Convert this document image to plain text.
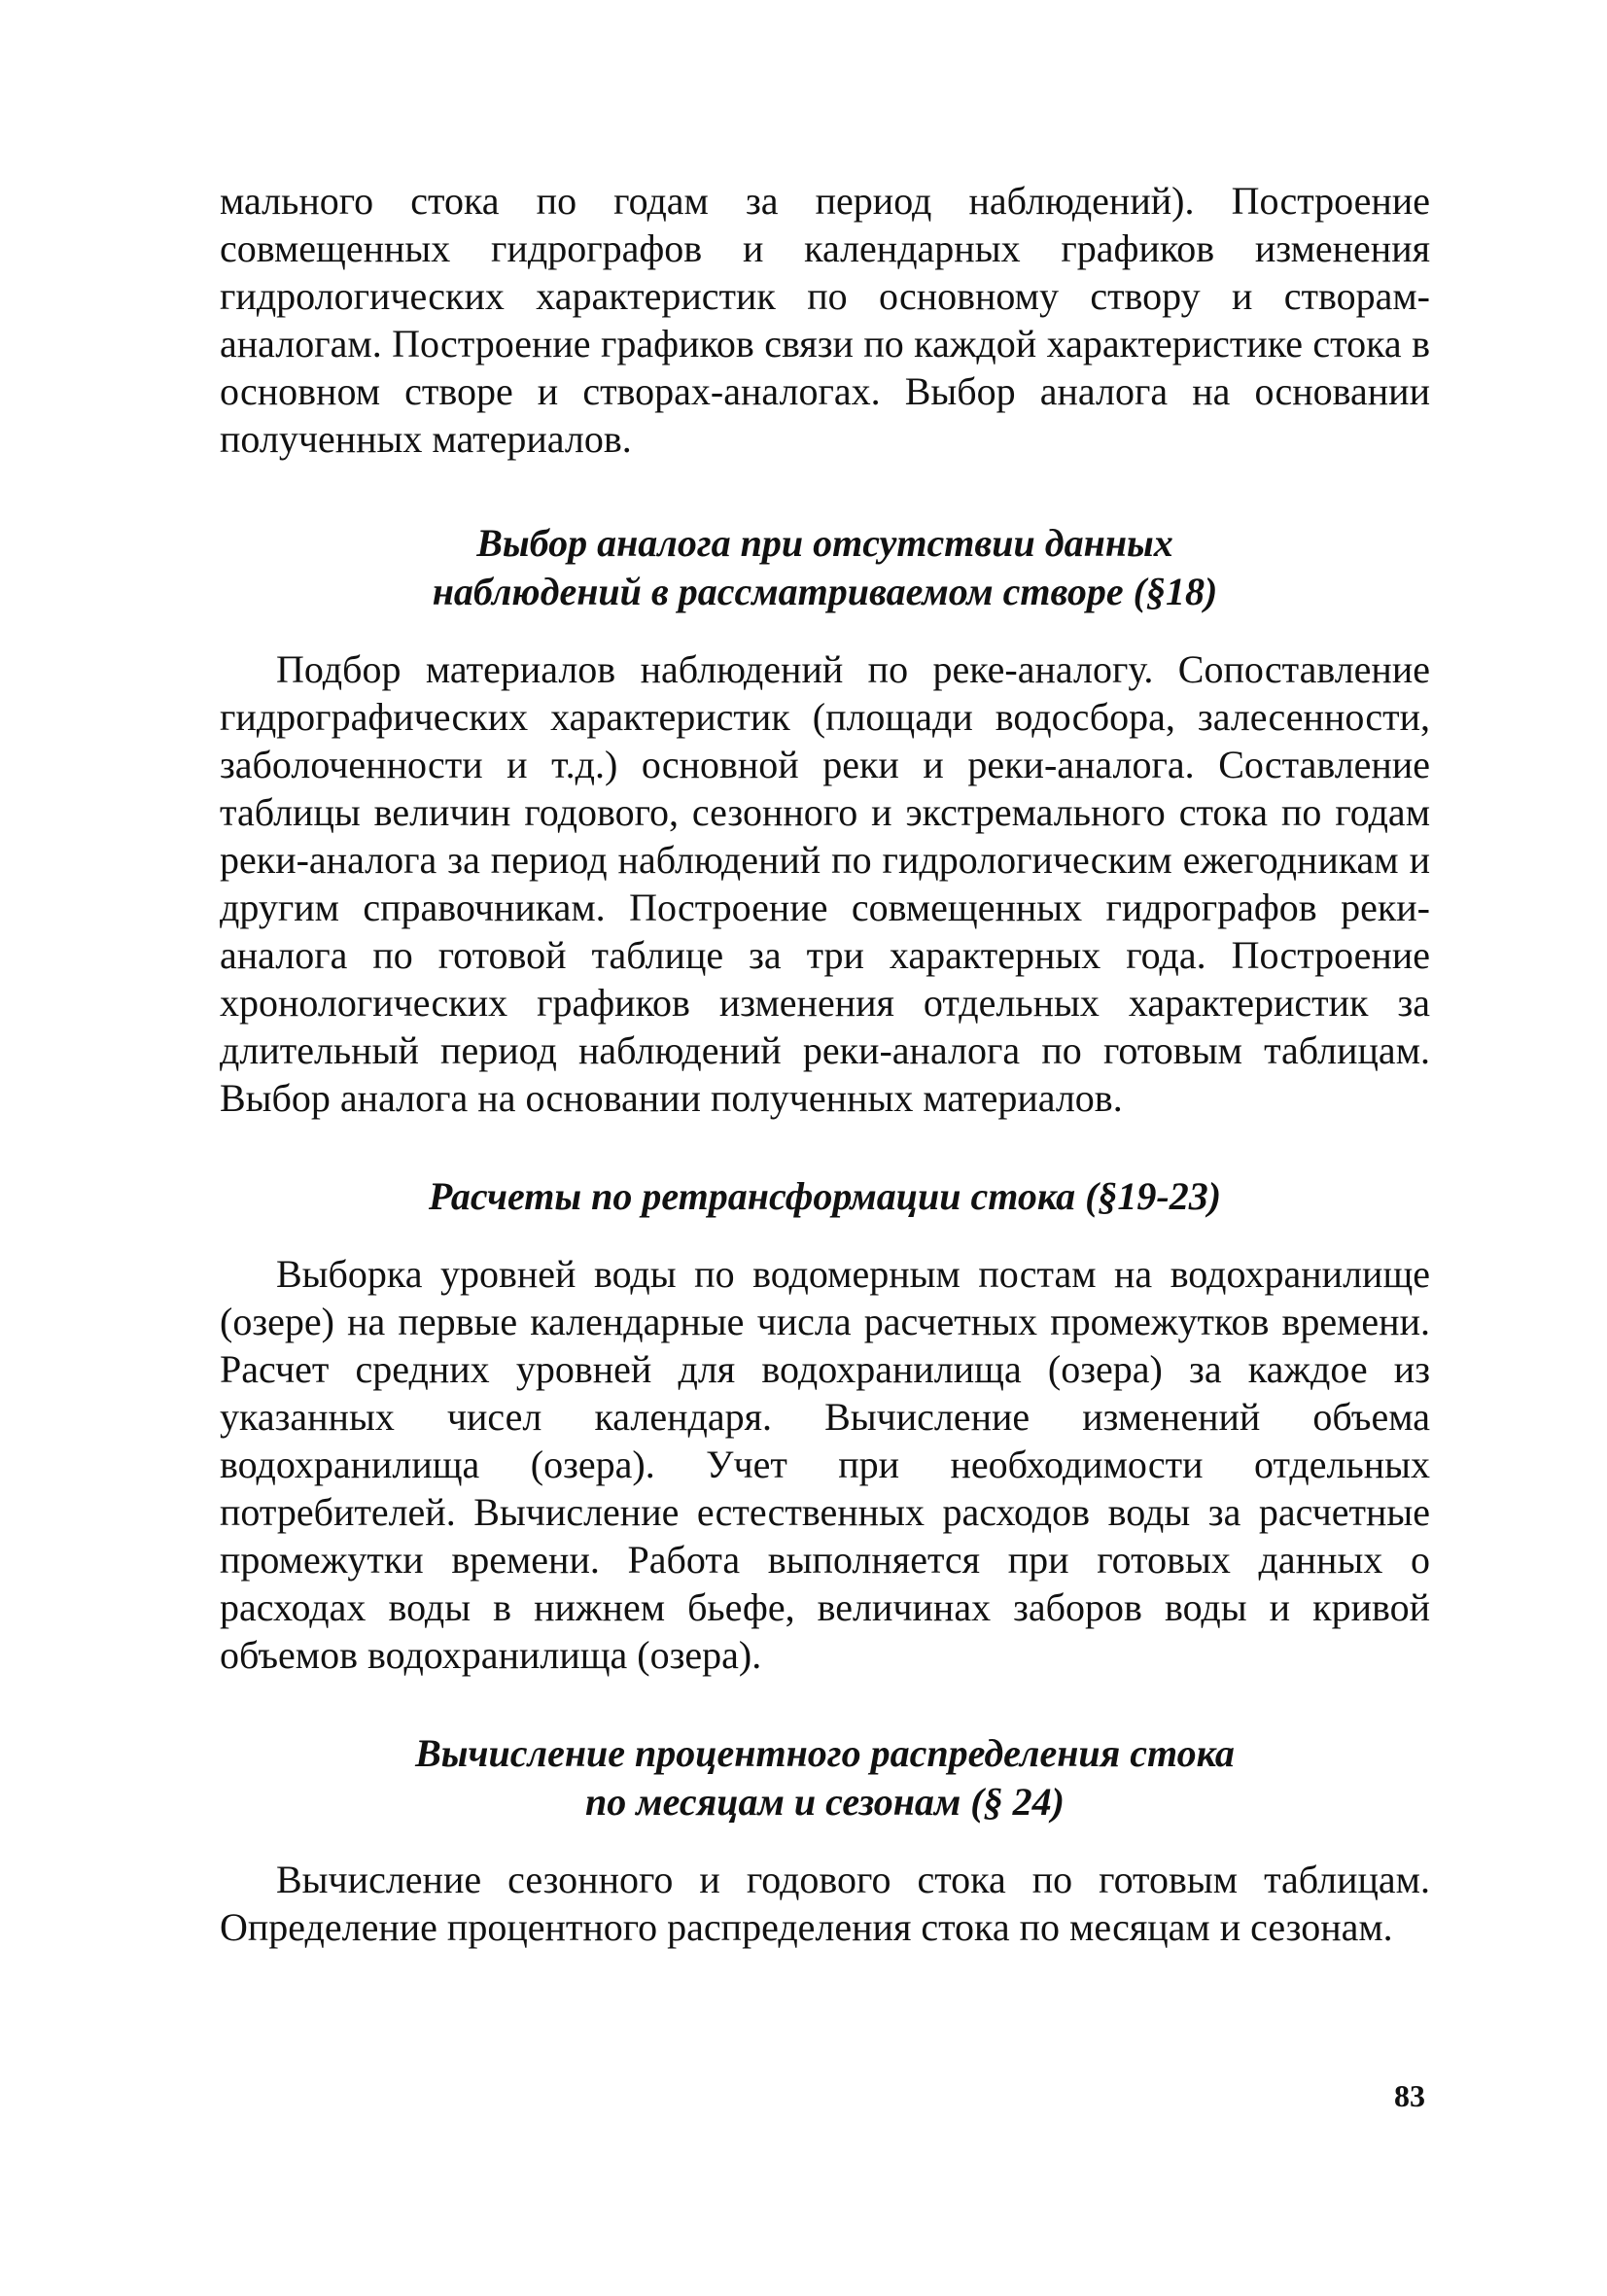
мального стока по годам за период наблюдений). Построение совмещенных гидрографов и календарных графиков изменения гидрологических характеристик по основному створу и створам-аналогам. Построение графиков связи по каждой характеристике стока в основном створе и створах-аналогах. Выбор аналога на основании полученных материалов.

Выбор аналога при отсутствии данных
наблюдений в рассматриваемом створе (§18)

Подбор материалов наблюдений по реке-аналогу. Сопоставление гидрографических характеристик (площади водосбора, залесенности, заболоченности и т.д.) основной реки и реки-аналога. Составление таблицы величин годового, сезонного и экстремального стока по годам реки-аналога за период наблюдений по гидрологическим ежегодникам и другим справочникам. Построение совмещенных гидрографов реки-аналога по готовой таблице за три характерных года. Построение хронологических графиков изменения отдельных характеристик за длительный период наблюдений реки-аналога по готовым таблицам. Выбор аналога на основании полученных материалов.

Расчеты по ретрансформации стока (§19-23)

Выборка уровней воды по водомерным постам на водохранилище (озере) на первые календарные числа расчетных промежутков времени. Расчет средних уровней для водохранилища (озера) за каждое из указанных чисел календаря. Вычисление изменений объема водохранилища (озера). Учет при необходимости отдельных потребителей. Вычисление естественных расходов воды за расчетные промежутки времени. Работа выполняется при готовых данных о расходах воды в нижнем бьефе, величинах заборов воды и кривой объемов водохранилища (озера).

Вычисление процентного распределения стока
по месяцам и сезонам (§ 24)

Вычисление сезонного и годового стока по готовым таблицам. Определение процентного распределения стока по месяцам и сезонам.

83
